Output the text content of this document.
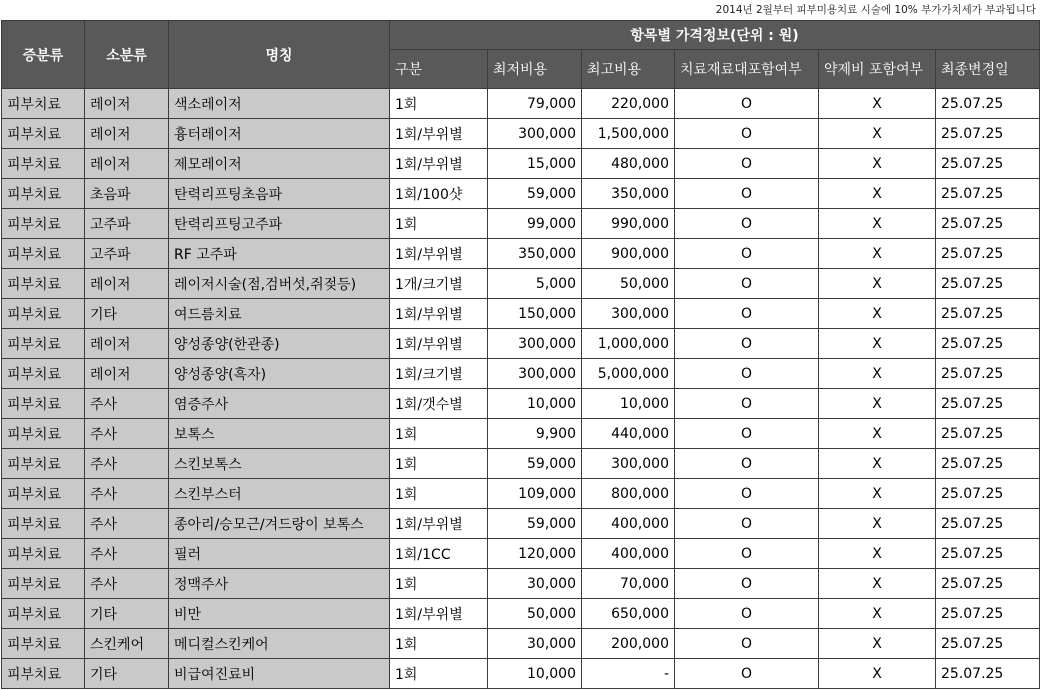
2014년 2월부터 피부미용치료 시술에 10% 부가가치세가 부과됩니다
증분류	소분류	명칭	항목별 가격정보(단위 : 원)					
			구분	최저비용	최고비용	치료재료대포함여부	약제비 포함여부	최종변경일
피부치료	레이저	색소레이저	1회	79,000	220,000	O	X	25.07.25
피부치료	레이저	흉터레이저	1회/부위별	300,000	1,500,000	O	X	25.07.25
피부치료	레이저	제모레이저	1회/부위별	15,000	480,000	O	X	25.07.25
피부치료	초음파	탄력리프팅초음파	1회/100샷	59,000	350,000	O	X	25.07.25
피부치료	고주파	탄력리프팅고주파	1회	99,000	990,000	O	X	25.07.25
피부치료	고주파	RF 고주파	1회/부위별	350,000	900,000	O	X	25.07.25
피부치료	레이저	레이저시술(점,검버섯,쥐젖등)	1개/크기별	5,000	50,000	O	X	25.07.25
피부치료	기타	여드름치료	1회/부위별	150,000	300,000	O	X	25.07.25
피부치료	레이저	양성종양(한관종)	1회/부위별	300,000	1,000,000	O	X	25.07.25
피부치료	레이저	양성종양(흑자)	1회/크기별	300,000	5,000,000	O	X	25.07.25
피부치료	주사	염증주사	1회/갯수별	10,000	10,000	O	X	25.07.25
피부치료	주사	보톡스	1회	9,900	440,000	O	X	25.07.25
피부치료	주사	스킨보톡스	1회	59,000	300,000	O	X	25.07.25
피부치료	주사	스킨부스터	1회	109,000	800,000	O	X	25.07.25
피부치료	주사	종아리/승모근/겨드랑이 보톡스	1회/부위별	59,000	400,000	O	X	25.07.25
피부치료	주사	필러	1회/1CC	120,000	400,000	O	X	25.07.25
피부치료	주사	정맥주사	1회	30,000	70,000	O	X	25.07.25
피부치료	기타	비만	1회/부위별	50,000	650,000	O	X	25.07.25
피부치료	스킨케어	메디컬스킨케어	1회	30,000	200,000	O	X	25.07.25
피부치료	기타	비급여진료비	1회	10,000	-	O	X	25.07.25
